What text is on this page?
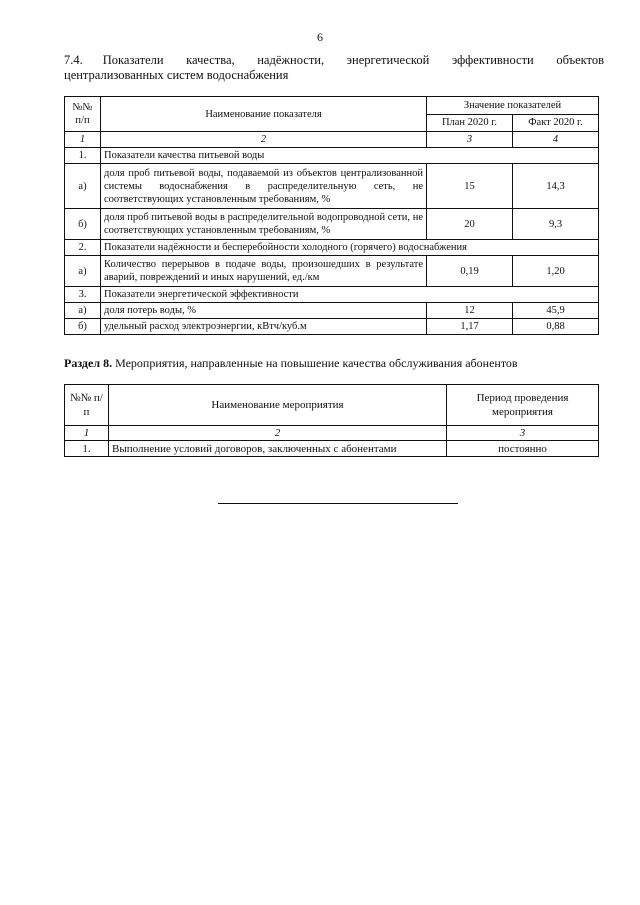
6
7.4. Показатели качества, надёжности, энергетической эффективности объектов централизованных систем водоснабжения
№№ п/п	Наименование показателя	Значение показателей	
		План 2020 г.	Факт 2020 г.
1	2	3	4
1.	Показатели качества питьевой воды		
а)	доля проб питьевой воды, подаваемой из объектов централизованной системы водоснабжения в распределительную сеть, не соответствующих установленным требованиям, %	15	14,3
б)	доля проб питьевой воды в распределительной водопроводной сети, не соответствующих установленным требованиям, %	20	9,3
2.	Показатели надёжности и бесперебойности холодного (горячего) водоснабжения		
а)	Количество перерывов в подаче воды, произошедших в результате аварий, повреждений и иных нарушений, ед./км	0,19	1,20
3.	Показатели энергетической эффективности		
а)	доля потерь воды, %	12	45,9
б)	удельный расход электроэнергии, кВтч/куб.м	1,17	0,88
Раздел 8. Мероприятия, направленные на повышение качества обслуживания абонентов
№№ п/п	Наименование мероприятия	Период проведения мероприятия
1	2	3
1.	Выполнение условий договоров, заключенных с абонентами	постоянно
